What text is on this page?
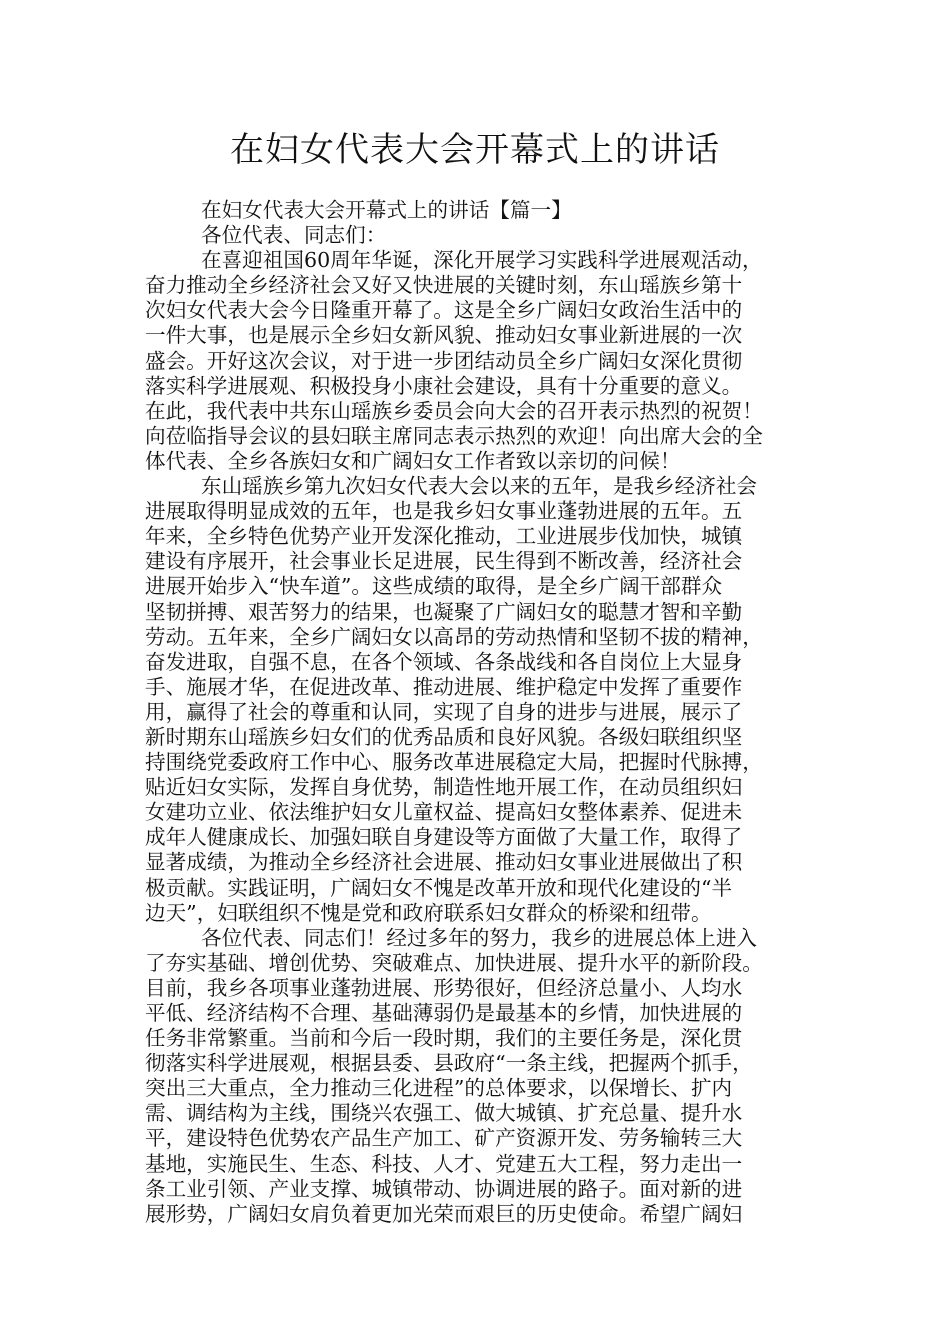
在妇女代表大会开幕式上的讲话
在妇女代表大会开幕式上的讲话【篇一】
各位代表、同志们：
在喜迎祖国60周年华诞，深化开展学习实践科学进展观活动，
奋力推动全乡经济社会又好又快进展的关键时刻，东山瑶族乡第十
次妇女代表大会今日隆重开幕了。这是全乡广阔妇女政治生活中的
一件大事，也是展示全乡妇女新风貌、推动妇女事业新进展的一次
盛会。开好这次会议，对于进一步团结动员全乡广阔妇女深化贯彻
落实科学进展观、积极投身小康社会建设，具有十分重要的意义。
在此，我代表中共东山瑶族乡委员会向大会的召开表示热烈的祝贺！
向莅临指导会议的县妇联主席同志表示热烈的欢迎！向出席大会的全
体代表、全乡各族妇女和广阔妇女工作者致以亲切的问候！
东山瑶族乡第九次妇女代表大会以来的五年，是我乡经济社会
进展取得明显成效的五年，也是我乡妇女事业蓬勃进展的五年。五
年来，全乡特色优势产业开发深化推动，工业进展步伐加快，城镇
建设有序展开，社会事业长足进展，民生得到不断改善，经济社会
进展开始步入“快车道”。这些成绩的取得，是全乡广阔干部群众
坚韧拼搏、艰苦努力的结果，也凝聚了广阔妇女的聪慧才智和辛勤
劳动。五年来，全乡广阔妇女以高昂的劳动热情和坚韧不拔的精神，
奋发进取，自强不息，在各个领域、各条战线和各自岗位上大显身
手、施展才华，在促进改革、推动进展、维护稳定中发挥了重要作
用，赢得了社会的尊重和认同，实现了自身的进步与进展，展示了
新时期东山瑶族乡妇女们的优秀品质和良好风貌。各级妇联组织坚
持围绕党委政府工作中心、服务改革进展稳定大局，把握时代脉搏，
贴近妇女实际，发挥自身优势，制造性地开展工作，在动员组织妇
女建功立业、依法维护妇女儿童权益、提高妇女整体素养、促进未
成年人健康成长、加强妇联自身建设等方面做了大量工作，取得了
显著成绩，为推动全乡经济社会进展、推动妇女事业进展做出了积
极贡献。实践证明，广阔妇女不愧是改革开放和现代化建设的“半
边天”，妇联组织不愧是党和政府联系妇女群众的桥梁和纽带。
各位代表、同志们！经过多年的努力，我乡的进展总体上进入
了夯实基础、增创优势、突破难点、加快进展、提升水平的新阶段。
目前，我乡各项事业蓬勃进展、形势很好，但经济总量小、人均水
平低、经济结构不合理、基础薄弱仍是最基本的乡情，加快进展的
任务非常繁重。当前和今后一段时期，我们的主要任务是，深化贯
彻落实科学进展观，根据县委、县政府“一条主线，把握两个抓手，
突出三大重点，全力推动三化进程”的总体要求，以保增长、扩内
需、调结构为主线，围绕兴农强工、做大城镇、扩充总量、提升水
平，建设特色优势农产品生产加工、矿产资源开发、劳务输转三大
基地，实施民生、生态、科技、人才、党建五大工程，努力走出一
条工业引领、产业支撑、城镇带动、协调进展的路子。面对新的进
展形势，广阔妇女肩负着更加光荣而艰巨的历史使命。希望广阔妇
